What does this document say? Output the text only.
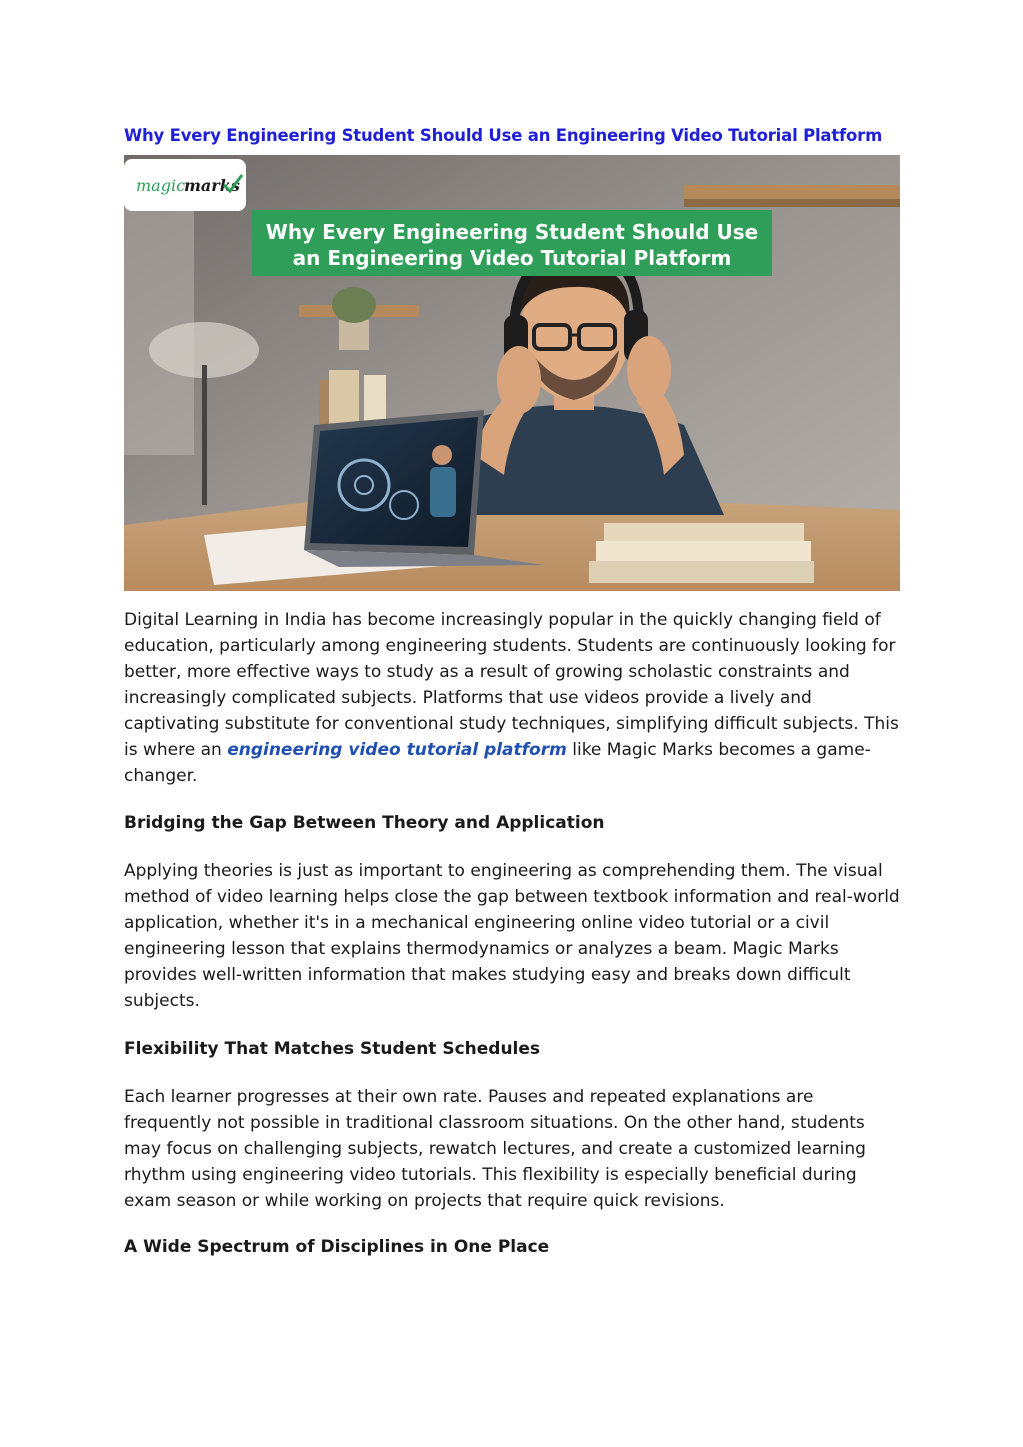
Why Every Engineering Student Should Use an Engineering Video Tutorial Platform
magic
marks
Why Every Engineering Student Should Use
an Engineering Video Tutorial Platform
Digital Learning in India has become increasingly popular in the quickly changing field of education, particularly among engineering students. Students are continuously looking for better, more effective ways to study as a result of growing scholastic constraints and increasingly complicated subjects. Platforms that use videos provide a lively and captivating substitute for conventional study techniques, simplifying difficult subjects. This is where an engineering video tutorial platform like Magic Marks becomes a game-changer.
Bridging the Gap Between Theory and Application
Applying theories is just as important to engineering as comprehending them. The visual method of video learning helps close the gap between textbook information and real-world application, whether it's in a mechanical engineering online video tutorial or a civil engineering lesson that explains thermodynamics or analyzes a beam. Magic Marks provides well-written information that makes studying easy and breaks down difficult subjects.
Flexibility That Matches Student Schedules
Each learner progresses at their own rate. Pauses and repeated explanations are frequently not possible in traditional classroom situations. On the other hand, students may focus on challenging subjects, rewatch lectures, and create a customized learning rhythm using engineering video tutorials. This flexibility is especially beneficial during exam season or while working on projects that require quick revisions.
A Wide Spectrum of Disciplines in One Place
